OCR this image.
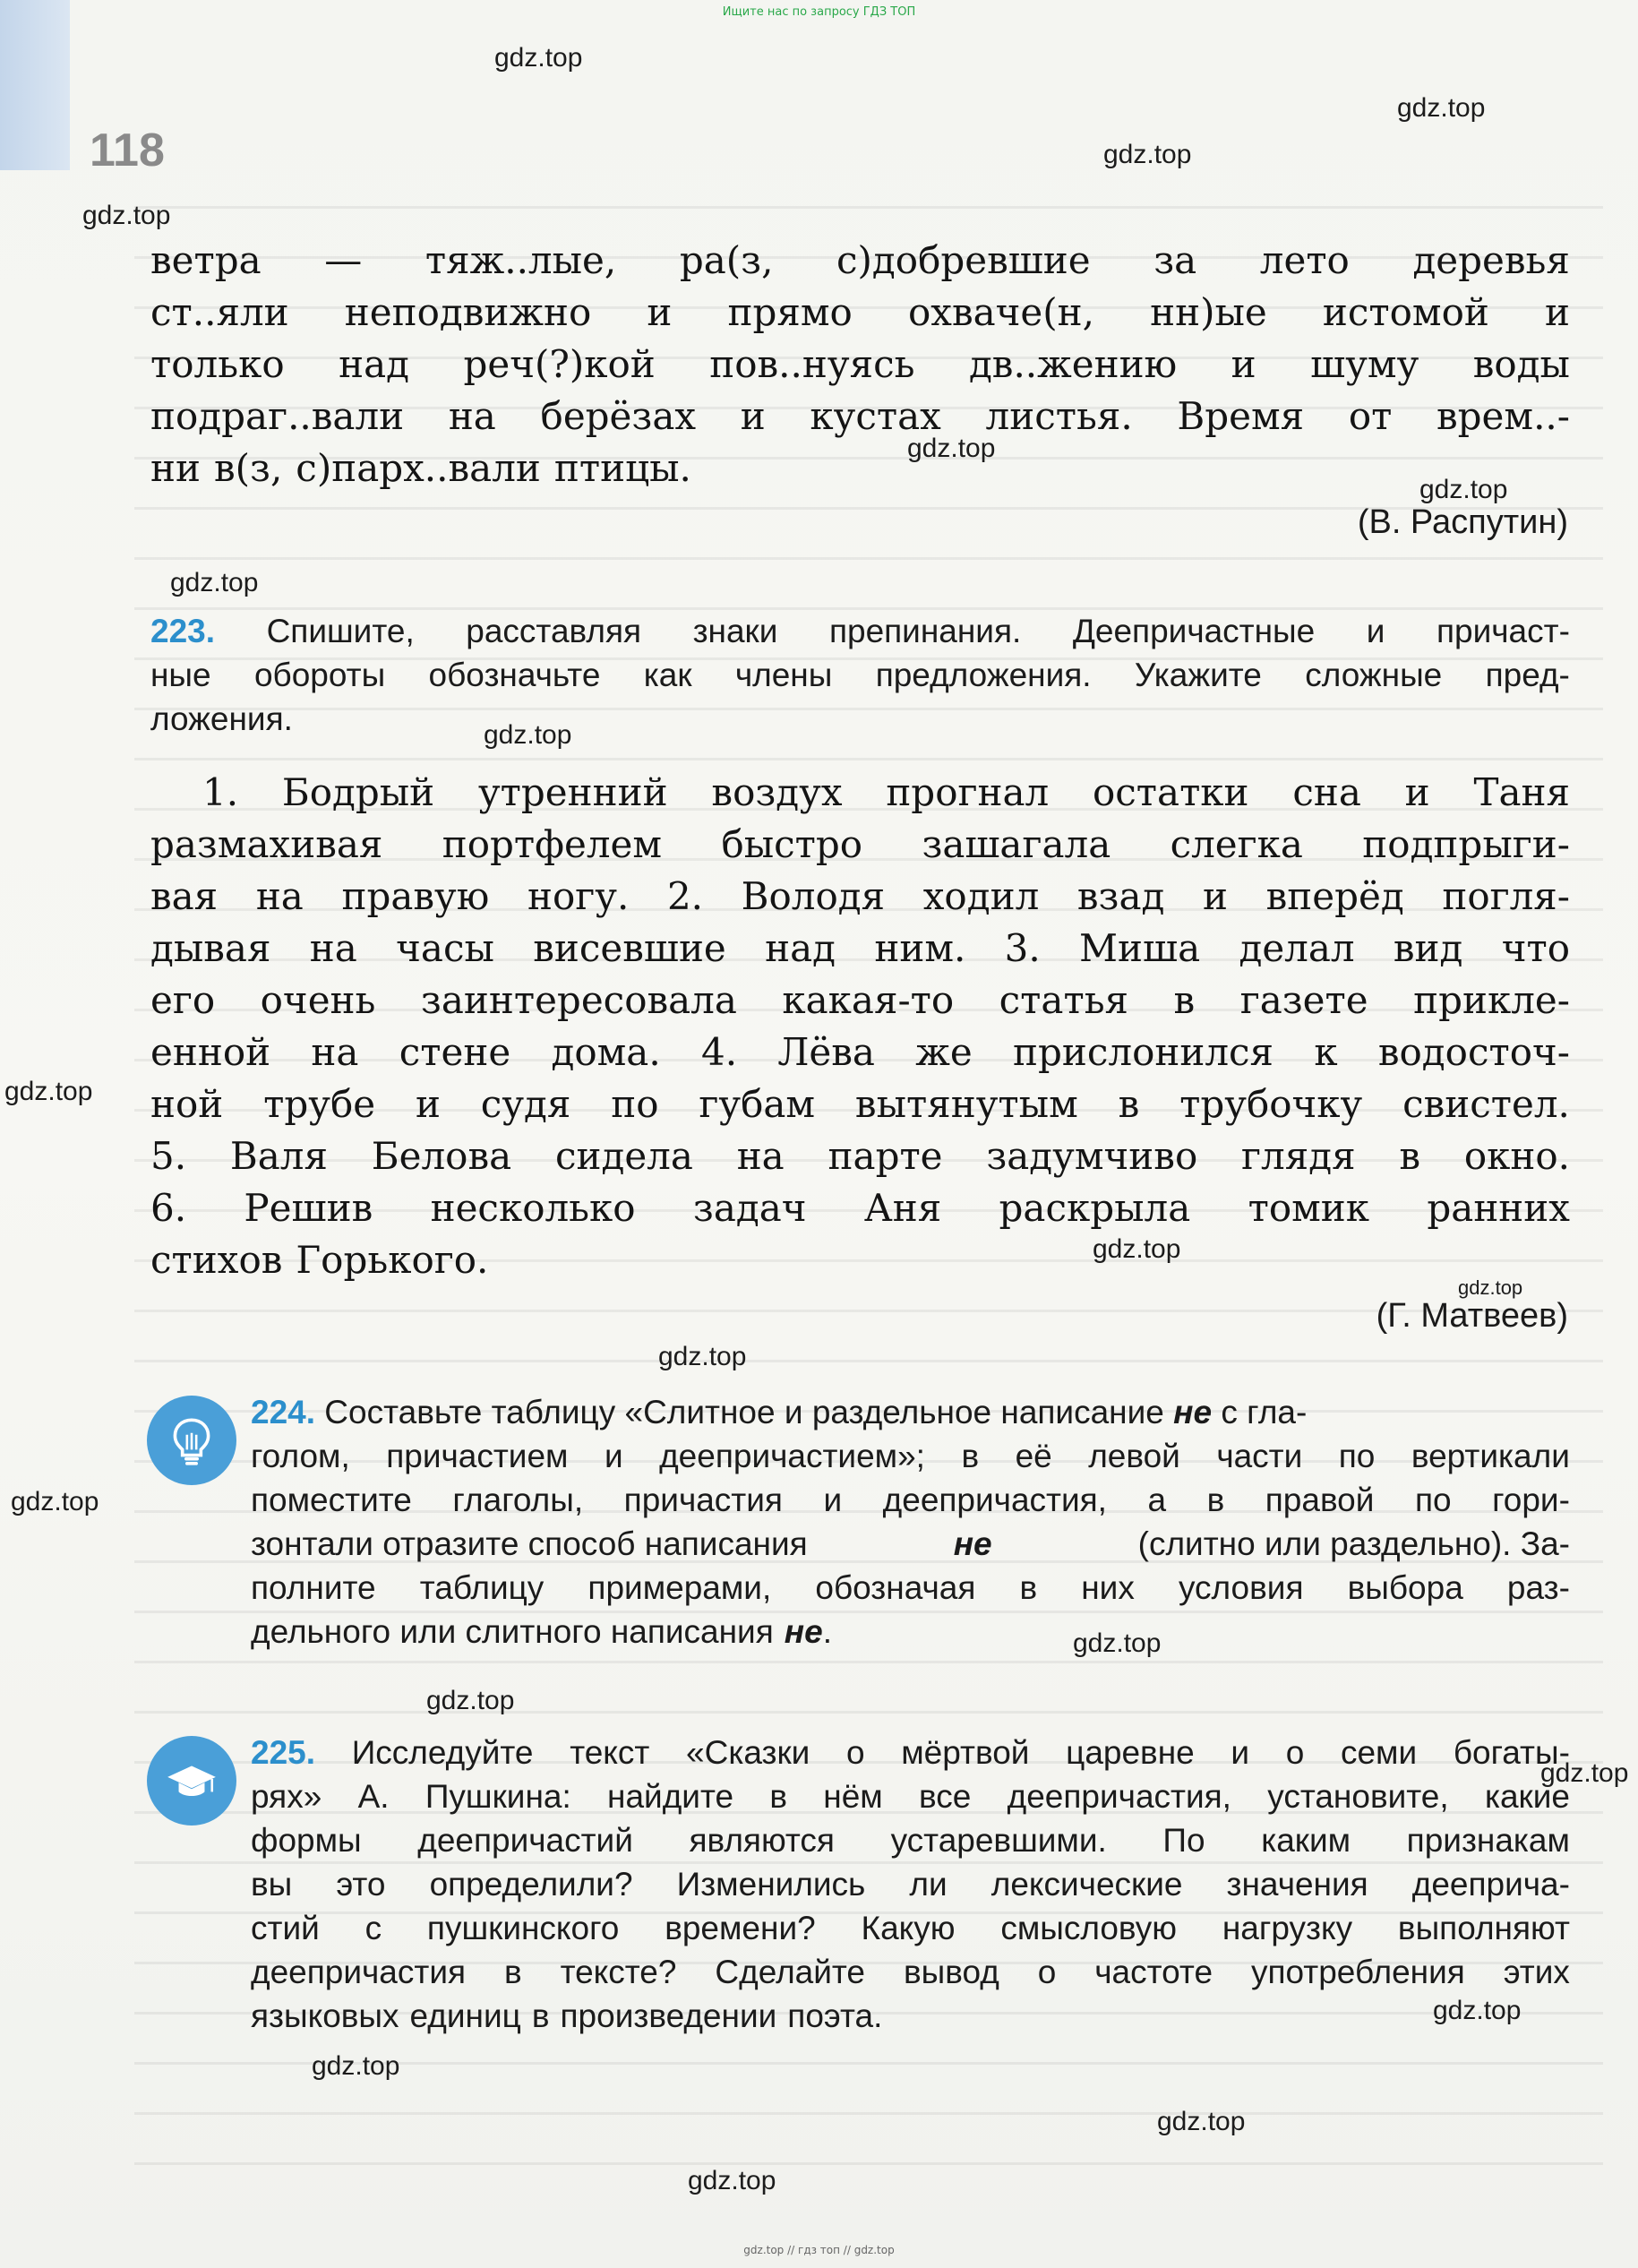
Ищите нас по запросу ГДЗ ТОП
118
gdz.top
gdz.top
gdz.top
gdz.top
gdz.top
gdz.top
gdz.top
gdz.top
gdz.top
gdz.top
gdz.top
gdz.top
gdz.top
gdz.top
gdz.top
gdz.top
gdz.top
gdz.top
gdz.top
gdz.top
ветра — тяж..лые, ра(з, с)добревшие за лето деревья
ст..яли неподвижно и прямо охваче(н, нн)ые истомой и
только над реч(?)кой пов..нуясь дв..жению и шуму воды
подраг..вали на берёзах и кустах листья. Время от врем..-
ни в(з, с)парх..вали птицы.
(В. Распутин)
223. Спишите, расставляя знаки препинания. Деепричастные и причаст-
ные обороты обозначьте как члены предложения. Укажите сложные пред-
ложения.
1. Бодрый утренний воздух прогнал остатки сна и Таня
размахивая портфелем быстро зашагала слегка подпрыги-
вая на правую ногу. 2. Володя ходил взад и вперёд погля-
дывая на часы висевшие над ним. 3. Миша делал вид что
его очень заинтересовала какая-то статья в газете приклe-
енной на стене дома. 4. Лёва же прислонился к водосточ-
ной трубе и судя по губам вытянутым в трубочку свистел.
5. Валя Белова сидела на парте задумчиво глядя в окно.
6. Решив несколько задач Аня раскрыла томик ранних
стихов Горького.
(Г. Матвеев)
224. Составьте таблицу «Слитное и раздельное написание не с гла-
голом, причастием и деепричастием»; в её левой части по вертикали
поместите глаголы, причастия и деепричастия, а в правой по гори-
зонтали отразите способ написания	не	(слитно или раздельно). За-
полните таблицу примерами, обозначая в них условия выбора раз-
дельного или слитного написания не .
225. Исследуйте текст «Сказки о мёртвой царевне и о семи богаты-
рях» А. Пушкина: найдите в нём все деепричастия, установите, какие
формы деепричастий являются устаревшими. По каким признакам
вы это определили? Изменились ли лексические значения дееприча-
стий с пушкинского времени? Какую смысловую нагрузку выполняют
деепричастия в тексте? Сделайте вывод о частоте употребления этих
языковых единиц в произведении поэта.
gdz.top // гдз топ // gdz.top
